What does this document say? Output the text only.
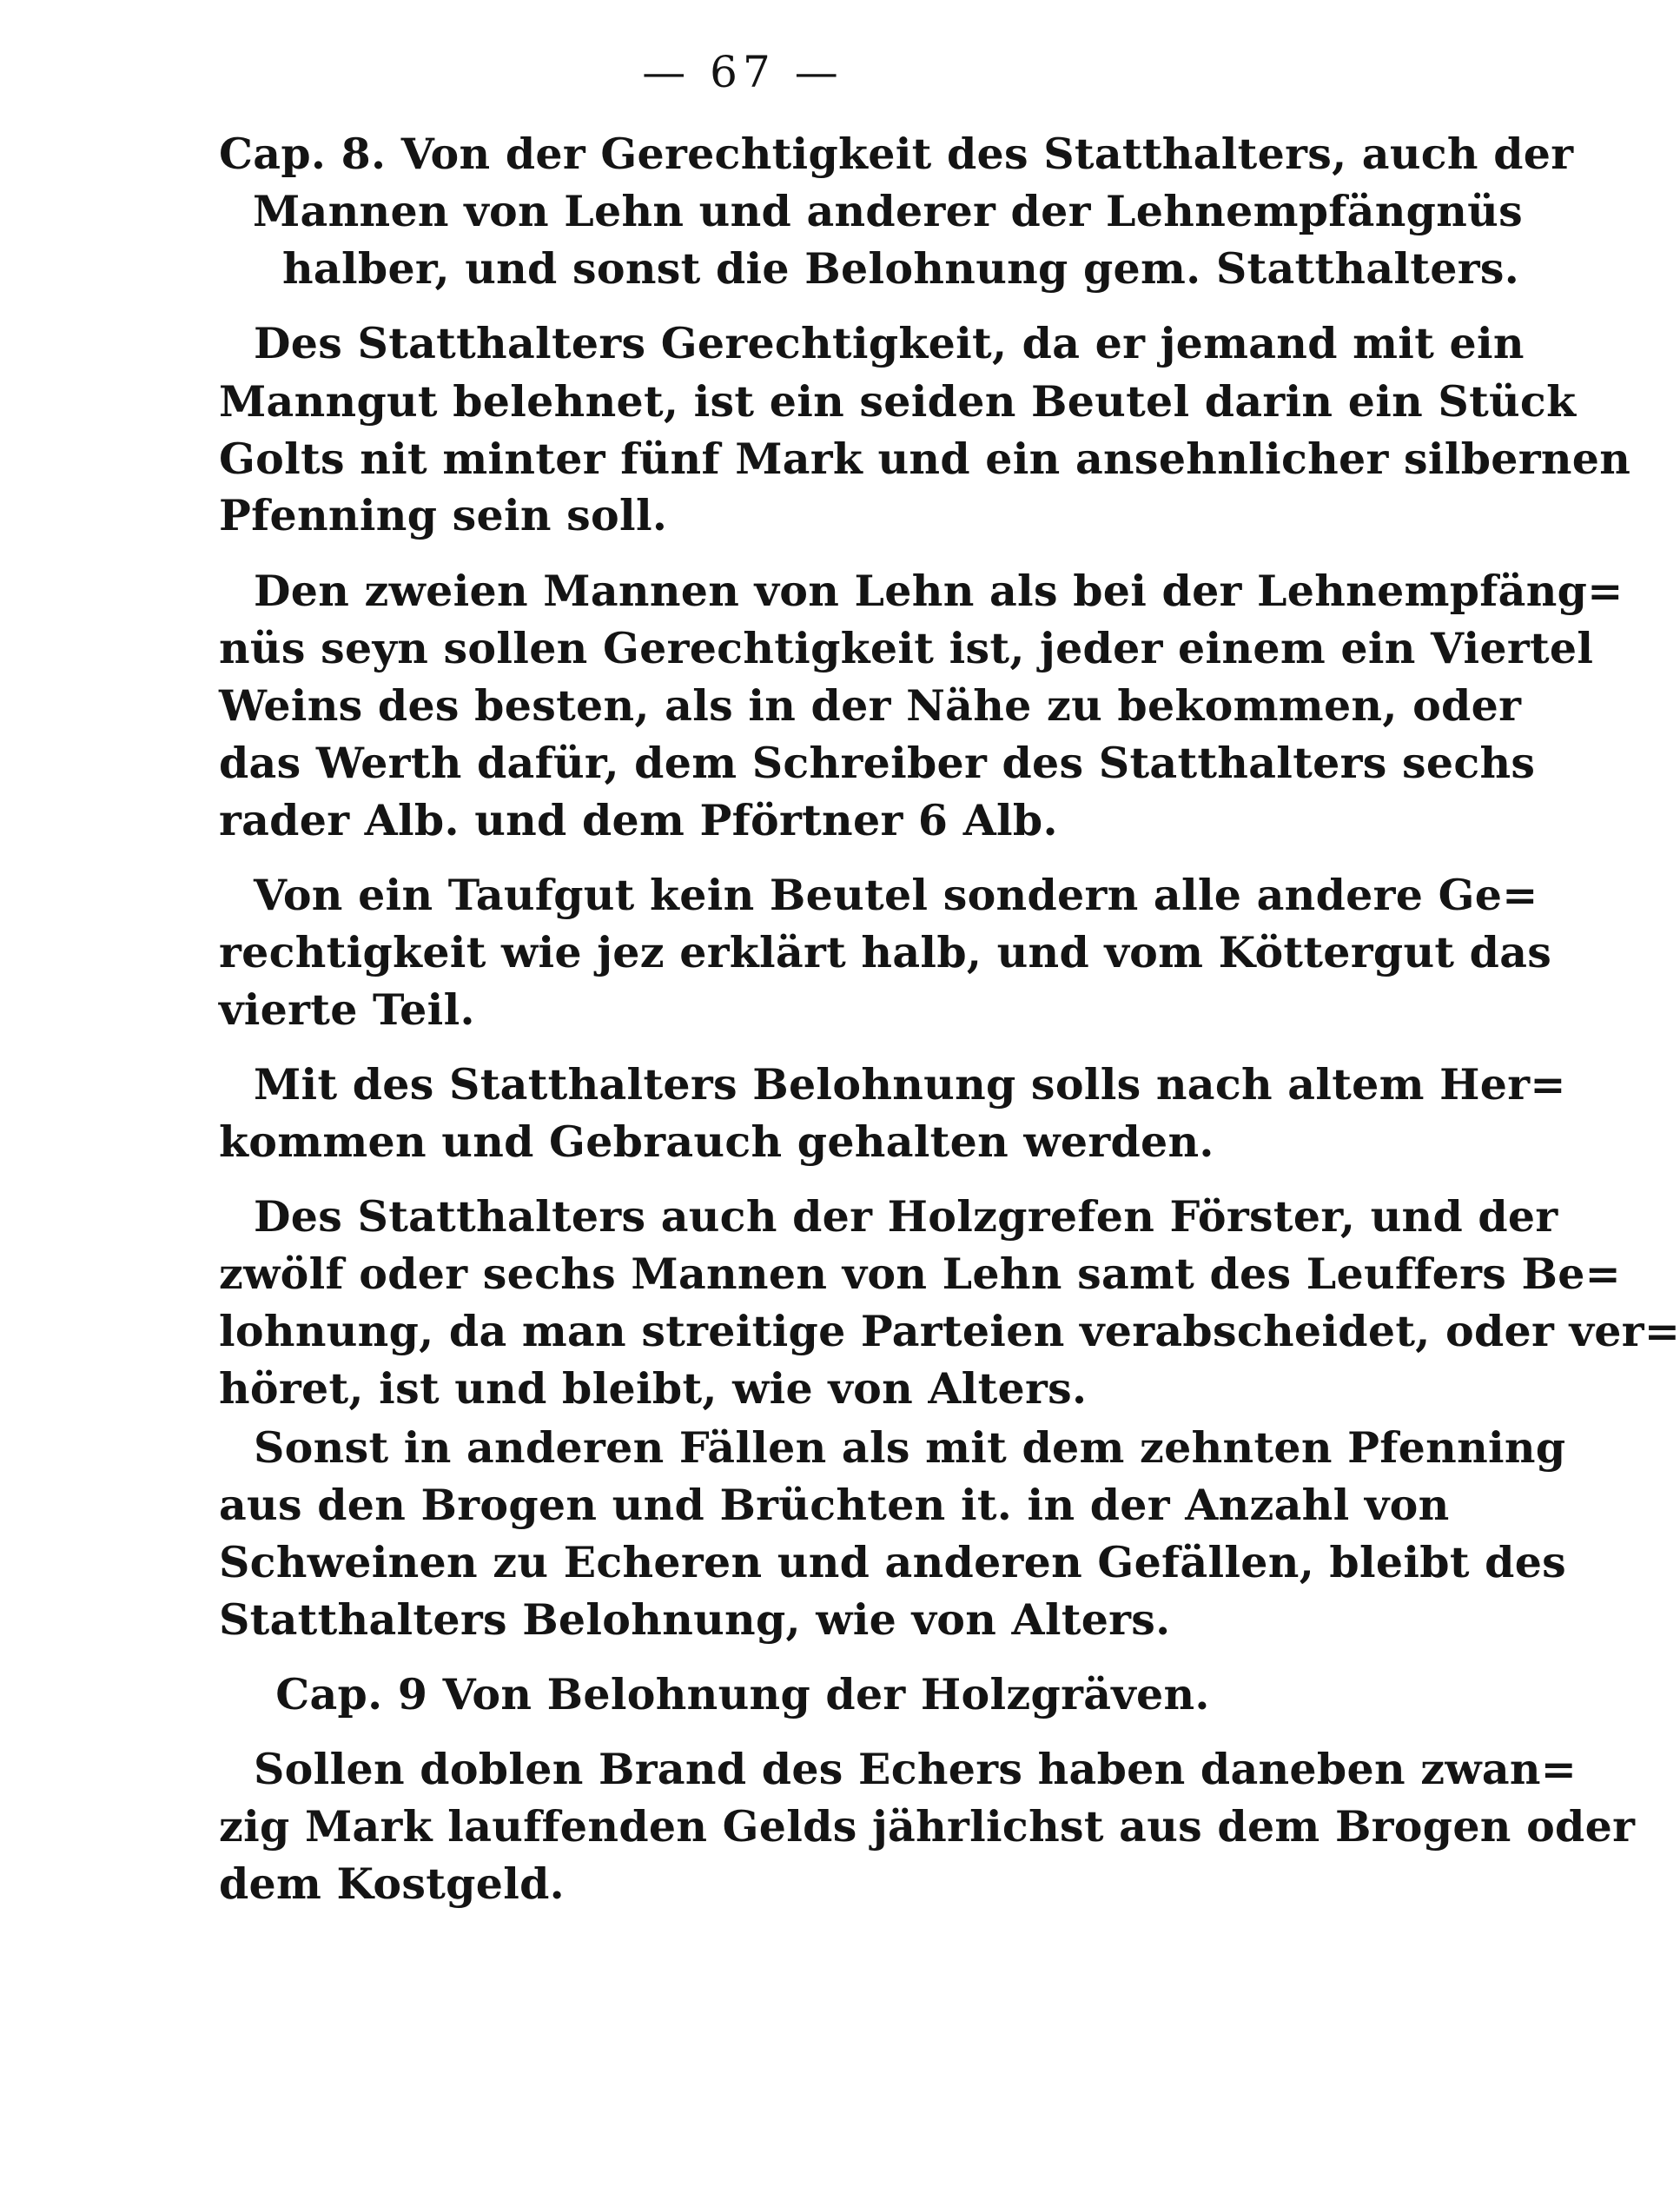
— 67 —
Cap. 8. Von der Gerechtigkeit des Statthalters, auch der
Mannen von Lehn und anderer der Lehnempfängnüs
halber, und sonst die Belohnung gem. Statthalters.
Des Statthalters Gerechtigkeit, da er jemand mit ein
Manngut belehnet, ist ein seiden Beutel darin ein Stück
Golts nit minter fünf Mark und ein ansehnlicher silbernen
Pfenning sein soll.
Den zweien Mannen von Lehn als bei der Lehnempfäng=
nüs seyn sollen Gerechtigkeit ist, jeder einem ein Viertel
Weins des besten, als in der Nähe zu bekommen, oder
das Werth dafür, dem Schreiber des Statthalters sechs
rader Alb. und dem Pförtner 6 Alb.
Von ein Taufgut kein Beutel sondern alle andere Ge=
rechtigkeit wie jez erklärt halb, und vom Köttergut das
vierte Teil.
Mit des Statthalters Belohnung solls nach altem Her=
kommen und Gebrauch gehalten werden.
Des Statthalters auch der Holzgrefen Förster, und der
zwölf oder sechs Mannen von Lehn samt des Leuffers Be=
lohnung, da man streitige Parteien verabscheidet, oder ver=
höret, ist und bleibt, wie von Alters.
Sonst in anderen Fällen als mit dem zehnten Pfenning
aus den Brogen und Brüchten it. in der Anzahl von
Schweinen zu Echeren und anderen Gefällen, bleibt des
Statthalters Belohnung, wie von Alters.
Cap. 9 Von Belohnung der Holzgräven.
Sollen doblen Brand des Echers haben daneben zwan=
zig Mark lauffenden Gelds jährlichst aus dem Brogen oder
dem Kostgeld.
